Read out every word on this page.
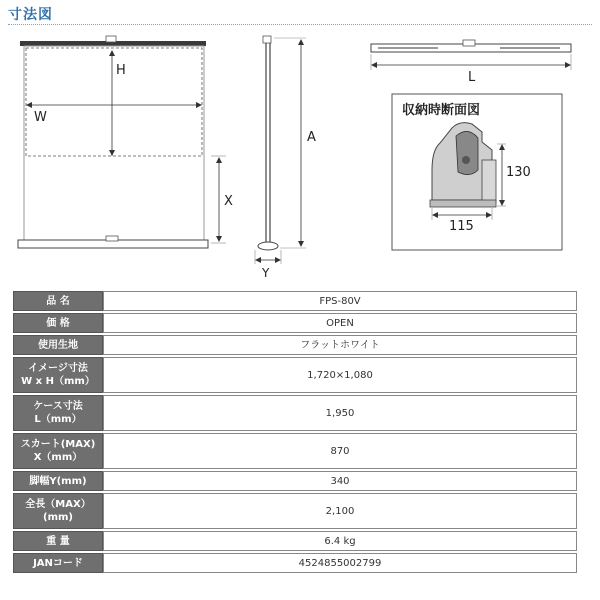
寸法図
H
W
X
A
Y
L
収納時断面図
130
115
品 名	FPS-80V
価 格	OPEN
使用生地	フラットホワイト
イメージ寸法
W x H（mm）	1,720×1,080
ケース寸法
L（mm）	1,950
スカート(MAX)
X（mm）	870
脚幅Y(mm)	340
全長（MAX）
(mm)	2,100
重 量	6.4 kg
JANコード	4524855002799
